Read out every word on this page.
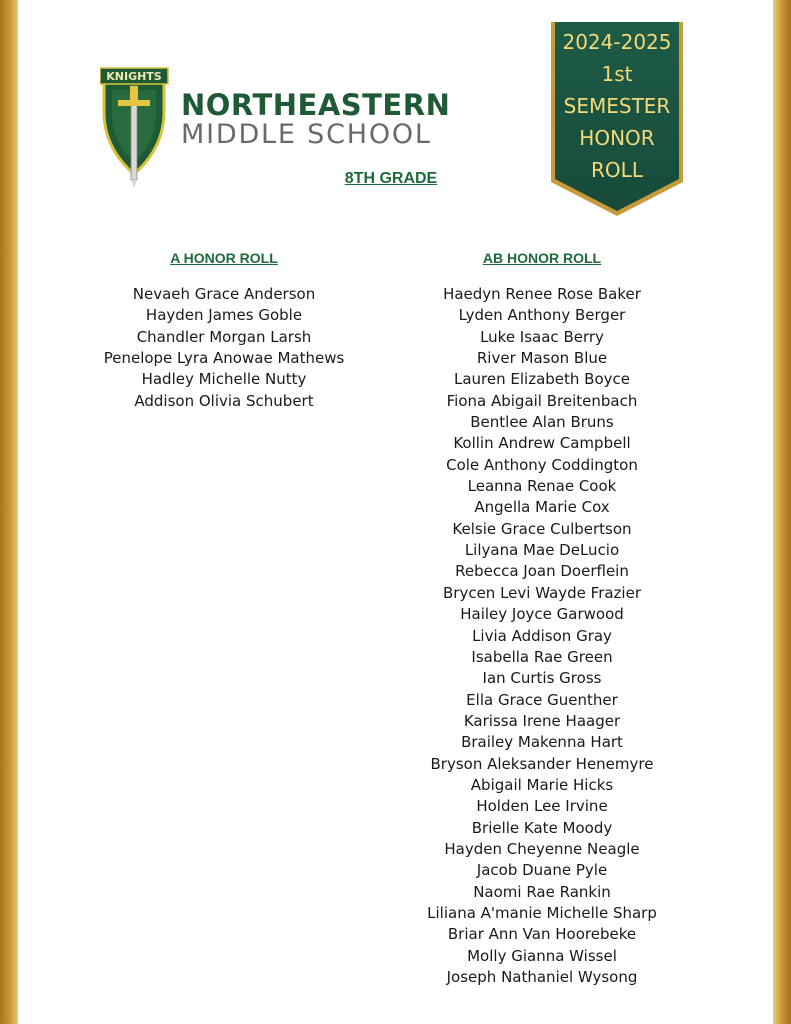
KNIGHTS
NORTHEASTERN
MIDDLE SCHOOL
8TH GRADE
2024-2025
1st
SEMESTER
HONOR
ROLL
A HONOR ROLL
Nevaeh Grace Anderson
Hayden James Goble
Chandler Morgan Larsh
Penelope Lyra Anowae Mathews
Hadley Michelle Nutty
Addison Olivia Schubert
AB HONOR ROLL
Haedyn Renee Rose Baker
Lyden Anthony Berger
Luke Isaac Berry
River Mason Blue
Lauren Elizabeth Boyce
Fiona Abigail Breitenbach
Bentlee Alan Bruns
Kollin Andrew Campbell
Cole Anthony Coddington
Leanna Renae Cook
Angella Marie Cox
Kelsie Grace Culbertson
Lilyana Mae DeLucio
Rebecca Joan Doerflein
Brycen Levi Wayde Frazier
Hailey Joyce Garwood
Livia Addison Gray
Isabella Rae Green
Ian Curtis Gross
Ella Grace Guenther
Karissa Irene Haager
Brailey Makenna Hart
Bryson Aleksander Henemyre
Abigail Marie Hicks
Holden Lee Irvine
Brielle Kate Moody
Hayden Cheyenne Neagle
Jacob Duane Pyle
Naomi Rae Rankin
Liliana A'manie Michelle Sharp
Briar Ann Van Hoorebeke
Molly Gianna Wissel
Joseph Nathaniel Wysong
